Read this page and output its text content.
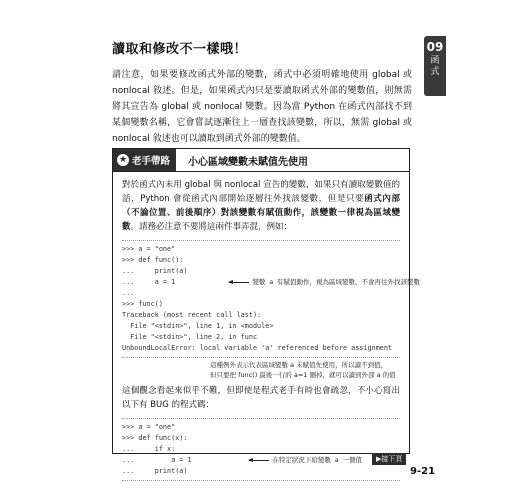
讀取和修改不一樣哦！	09
函
式

請注意，如果要修改函式外部的變數，函式中必須明確地使用 global 或 nonlocal 敘述。但是，如果函式內只是要讀取函式外部的變數值，則無需將其宣告為 global 或 nonlocal 變數。因為當 Python 在函式內部找不到某個變數名稱，它會嘗試逐漸往上一層查找該變數，所以，無需 global 或 nonlocal 敘述也可以讀取到函式外部的變數值。

★ 老手帶路 小心區域變數未賦值先使用

對於函式內未用 global 與 nonlocal 宣告的變數，如果只有讀取變數值的話，Python 會從函式內部開始逐層往外找該變數，但是只要函式內部（不論位置、前後順序）對該變數有賦值動作，該變數一律視為區域變數。請務必注意不要將這兩件事弄混，例如：

>>> a = "one"
>>> def func():
...     print(a)
...     a = 1
...
>>> func()
Traceback (most recent call last):
File "<stdin>", line 1, in <module>
File "<stdin>", line 2, in func
UnboundLocalError: local variable 'a' referenced before assignment

變數 a 有賦值動作，視為區域變數，不會再往外找該變數

這種例外表示代表區域變數 a 未賦值先使用，所以讀不到值，
但只要把 func() 最後一行的 a=1 刪掉，就可以讀到外部 a 的值

這個觀念看起來似乎不難，但即使是程式老手有時也會疏忽，不小心寫出以下有 BUG 的程式碼：

>>> a = "one"
>>> def func(x):
...     if x:
...         a = 1
...     print(a)

在特定狀況下給變數 a 一個值
	▶接下頁
9-21
